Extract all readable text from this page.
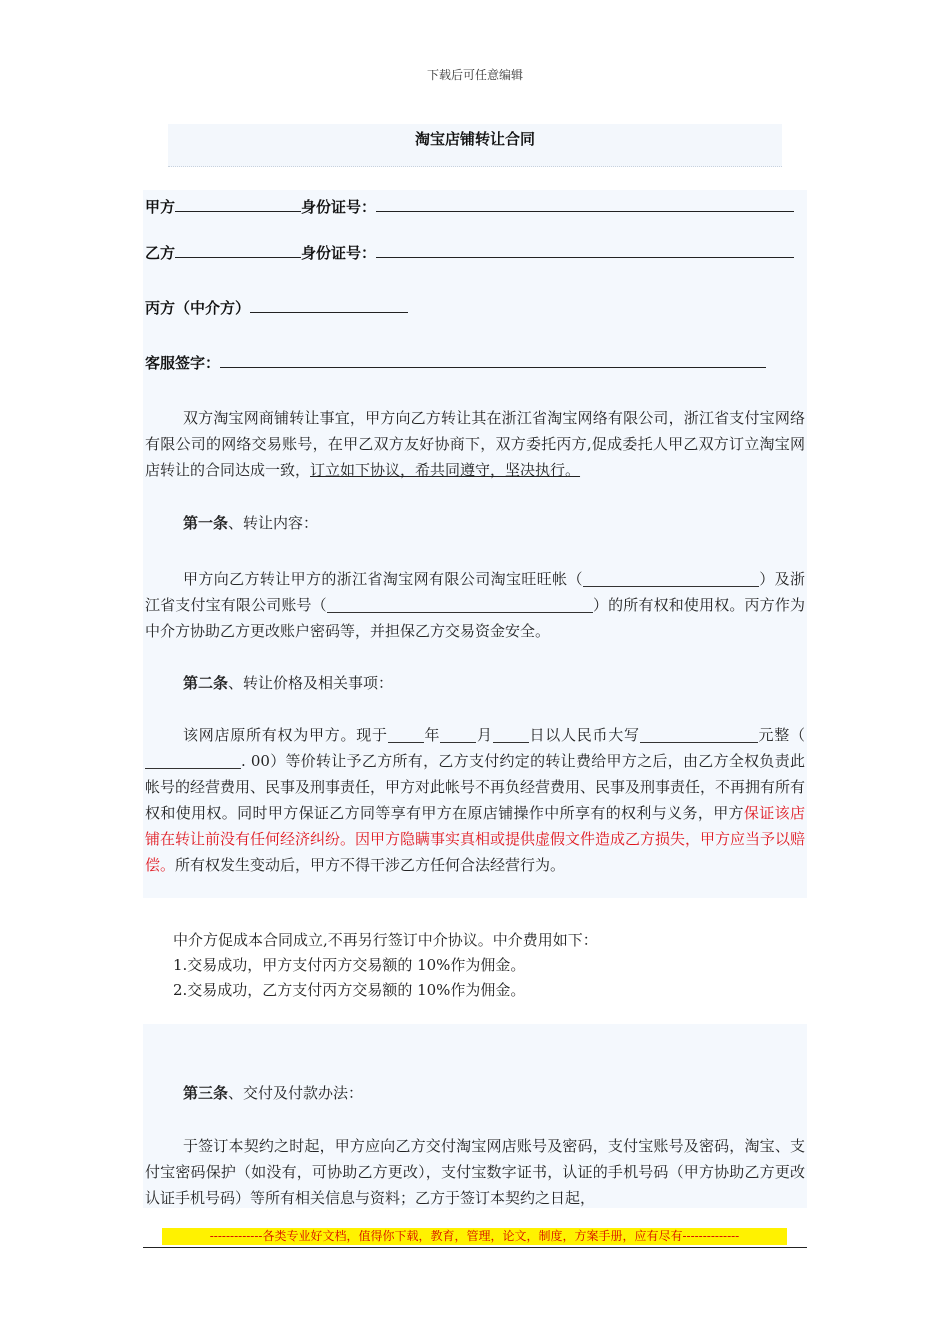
下载后可任意编辑
淘宝店铺转让合同
甲方	身份证号：
乙方	身份证号：
丙方（中介方）
客服签字：
双方淘宝网商铺转让事宜，甲方向乙方转让其在浙江省淘宝网络有限公司，浙江省支付宝网络有限公司的网络交易账号，在甲乙双方友好协商下，双方委托丙方,促成委托人甲乙双方订立淘宝网店转让的合同达成一致，订立如下协议，希共同遵守，坚决执行。
第一条、转让内容：
甲方向乙方转让甲方的浙江省淘宝网有限公司淘宝旺旺帐（	）及浙江省支付宝有限公司账号（	）的所有权和使用权。丙方作为中介方协助乙方更改账户密码等，并担保乙方交易资金安全。
第二条、转让价格及相关事项：
该网店原所有权为甲方。现于 年 月 日以人民币大写	元整（. 00）等价转让予乙方所有，乙方支付约定的转让费给甲方之后，由乙方全权负责此帐号的经营费用、民事及刑事责任，甲方对此帐号不再负经营费用、民事及刑事责任，不再拥有所有权和使用权。同时甲方保证乙方同等享有甲方在原店铺操作中所享有的权利与义务，甲方保证该店铺在转让前没有任何经济纠纷。因甲方隐瞒事实真相或提供虚假文件造成乙方损失，甲方应当予以赔偿。所有权发生变动后，甲方不得干涉乙方任何合法经营行为。
中介方促成本合同成立,不再另行签订中介协议。中介费用如下：
1.交易成功，甲方支付丙方交易额的 10%作为佣金。
2.交易成功，乙方支付丙方交易额的 10%作为佣金。
第三条、交付及付款办法：
于签订本契约之时起，甲方应向乙方交付淘宝网店账号及密码，支付宝账号及密码，淘宝、支付宝密码保护（如没有，可协助乙方更改），支付宝数字证书，认证的手机号码（甲方协助乙方更改认证手机号码）等所有相关信息与资料；乙方于签订本契约之日起，
-------------各类专业好文档，值得你下载，教育，管理，论文，制度，方案手册，应有尽有--------------
